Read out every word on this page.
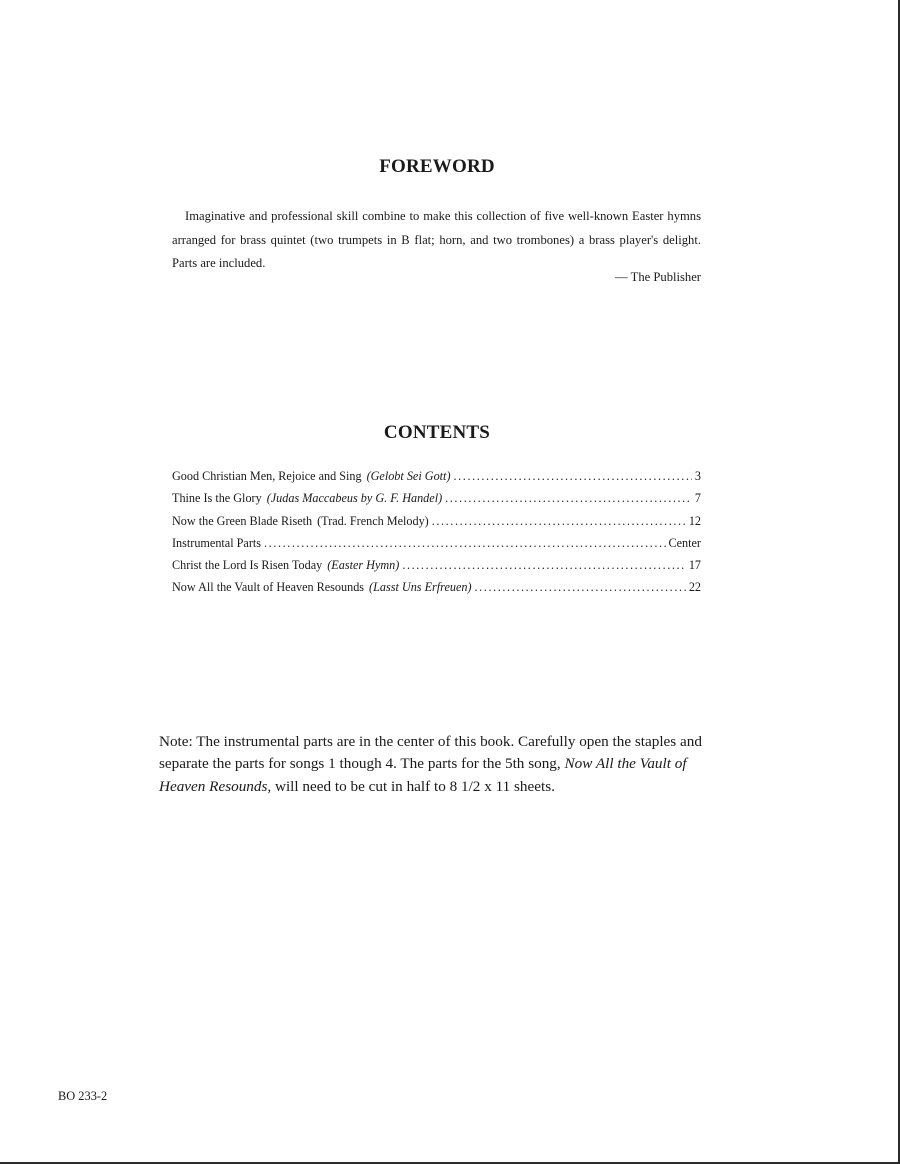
FOREWORD

Imaginative and professional skill combine to make this collection of five well-known Easter hymns arranged for brass quintet (two trumpets in B flat; horn, and two trombones) a brass player's delight. Parts are included.

— The Publisher

CONTENTS
Good Christian Men, Rejoice and Sing (Gelobt Sei Gott) .....	3
Thine Is the Glory (Judas Maccabeus by G. F. Handel) .....	7
Now the Green Blade Riseth (Trad. French Melody) .....	12
Instrumental Parts .....	Center
Christ the Lord Is Risen Today (Easter Hymn) .....	17
Now All the Vault of Heaven Resounds (Lasst Uns Erfreuen) .....	22

Note: The instrumental parts are in the center of this book. Carefully open the staples and separate the parts for songs 1 though 4. The parts for the 5th song, Now All the Vault of Heaven Resounds, will need to be cut in half to 8 1/2 x 11 sheets.

BO 233-2
